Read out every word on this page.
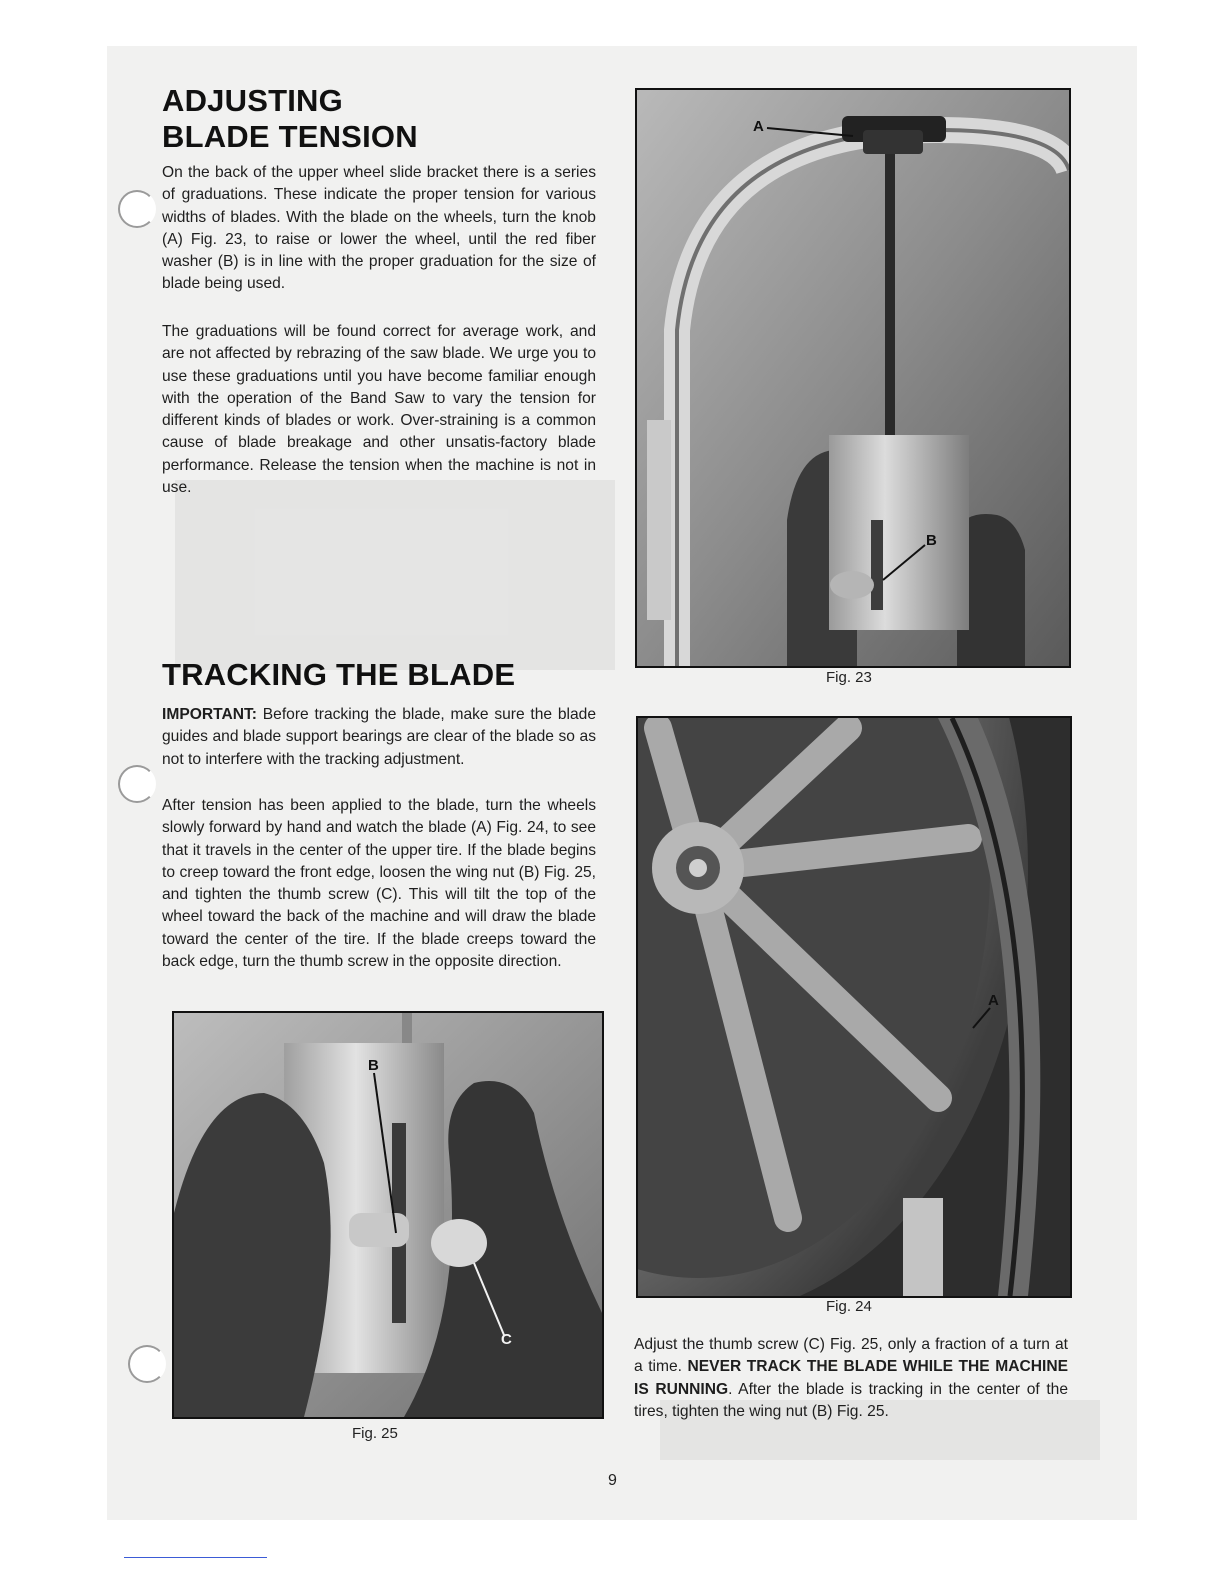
ADJUSTING
BLADE TENSION

On the back of the upper wheel slide bracket there is a series of graduations. These indicate the proper tension for various widths of blades. With the blade on the wheels, turn the knob (A) Fig. 23, to raise or lower the wheel, until the red fiber washer (B) is in line with the proper graduation for the size of blade being used.

The graduations will be found correct for average work, and are not affected by rebrazing of the saw blade. We urge you to use these graduations until you have become familiar enough with the operation of the Band Saw to vary the tension for different kinds of blades or work. Over-straining is a common cause of blade breakage and other unsatis-factory blade performance. Release the tension when the machine is not in use.

TRACKING THE BLADE

IMPORTANT: Before tracking the blade, make sure the blade guides and blade support bearings are clear of the blade so as not to interfere with the tracking adjustment.

After tension has been applied to the blade, turn the wheels slowly forward by hand and watch the blade (A) Fig. 24, to see that it travels in the center of the upper tire. If the blade begins to creep toward the front edge, loosen the wing nut (B) Fig. 25, and tighten the thumb screw (C). This will tilt the top of the wheel toward the back of the machine and will draw the blade toward the center of the tire. If the blade creeps toward the back edge, turn the thumb screw in the opposite direction.

A
B
Fig. 23
A
Fig. 24
B
C
Fig. 25

Adjust the thumb screw (C) Fig. 25, only a fraction of a turn at a time. NEVER TRACK THE BLADE WHILE THE MACHINE IS RUNNING. After the blade is tracking in the center of the tires, tighten the wing nut (B) Fig. 25.

9
